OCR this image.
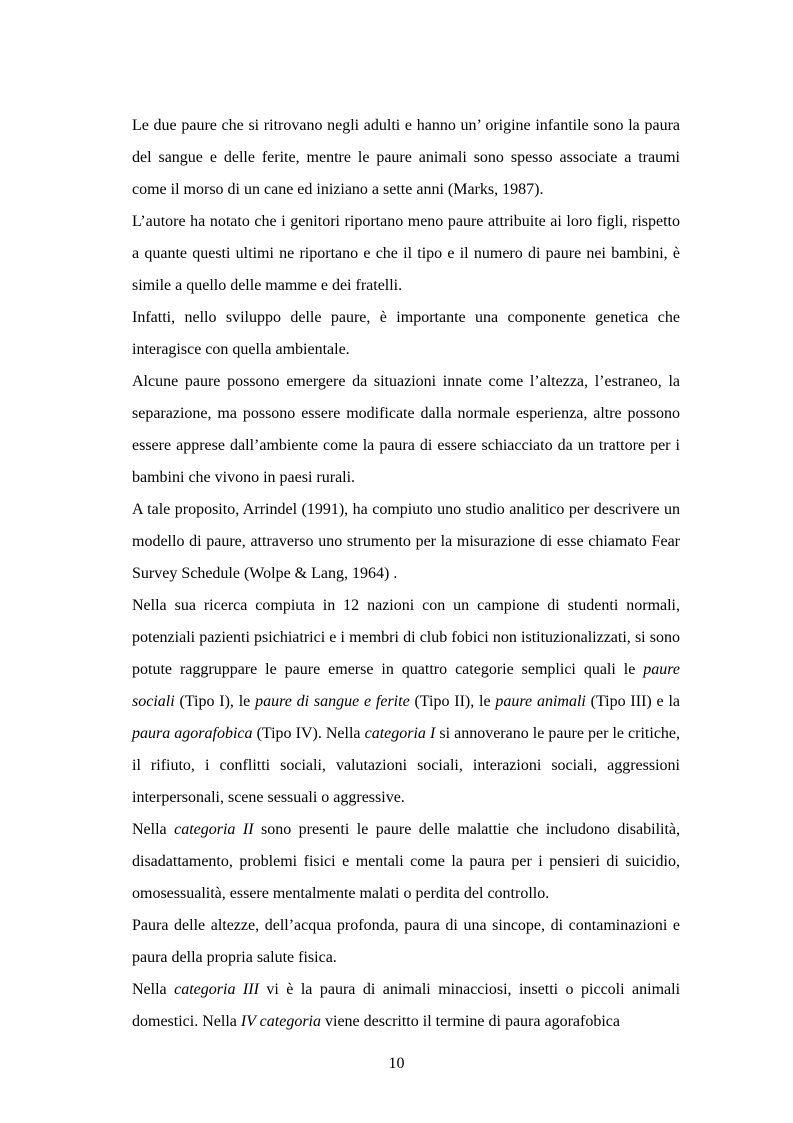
Le due paure che si ritrovano negli adulti e hanno un’ origine infantile sono la paura del sangue e delle ferite, mentre le paure animali sono spesso associate a traumi come il morso di un cane ed iniziano a sette anni (Marks, 1987).

L’autore ha notato che i genitori riportano meno paure attribuite ai loro figli, rispetto a quante questi ultimi ne riportano e che il tipo e il numero di paure nei bambini, è simile a quello delle mamme e dei fratelli.

Infatti, nello sviluppo delle paure, è importante una componente genetica che interagisce con quella ambientale.

Alcune paure possono emergere da situazioni innate come l’altezza, l’estraneo, la separazione, ma possono essere modificate dalla normale esperienza, altre possono essere apprese dall’ambiente come la paura di essere schiacciato da un trattore per i bambini che vivono in paesi rurali.

A tale proposito, Arrindel (1991), ha compiuto uno studio analitico per descrivere un modello di paure, attraverso uno strumento per la misurazione di esse chiamato Fear Survey Schedule (Wolpe & Lang, 1964) .

Nella sua ricerca compiuta in 12 nazioni con un campione di studenti normali, potenziali pazienti psichiatrici e i membri di club fobici non istituzionalizzati, si sono potute raggruppare le paure emerse in quattro categorie semplici quali le paure sociali (Tipo I), le paure di sangue e ferite (Tipo II), le paure animali (Tipo III) e la paura agorafobica (Tipo IV). Nella categoria I si annoverano le paure per le critiche, il rifiuto, i conflitti sociali, valutazioni sociali, interazioni sociali, aggressioni interpersonali, scene sessuali o aggressive.

Nella categoria II sono presenti le paure delle malattie che includono disabilità, disadattamento, problemi fisici e mentali come la paura per i pensieri di suicidio, omosessualità, essere mentalmente malati o perdita del controllo.

Paura delle altezze, dell’acqua profonda, paura di una sincope, di contaminazioni e paura della propria salute fisica.

Nella categoria III vi è la paura di animali minacciosi, insetti o piccoli animali domestici. Nella IV categoria viene descritto il termine di paura agorafobica

10
